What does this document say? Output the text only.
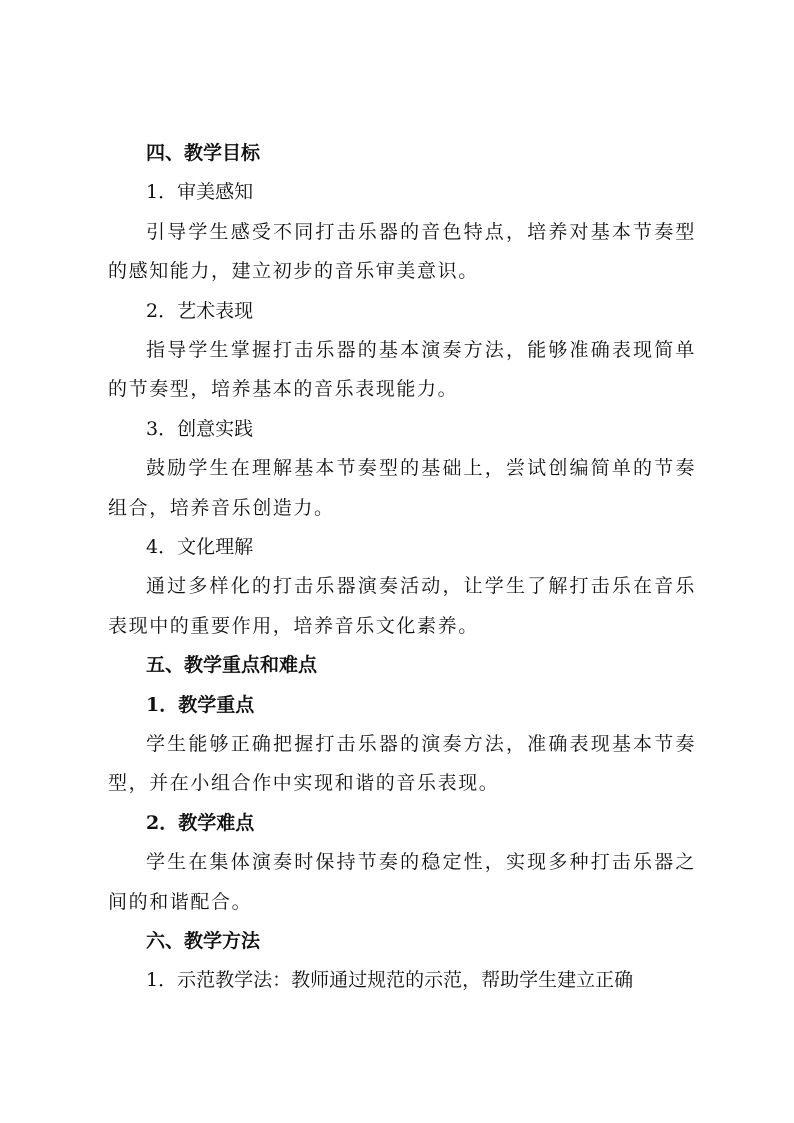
四、教学目标

1．审美感知

引导学生感受不同打击乐器的音色特点，培养对基本节奏型的感知能力，建立初步的音乐审美意识。

2．艺术表现

指导学生掌握打击乐器的基本演奏方法，能够准确表现简单的节奏型，培养基本的音乐表现能力。

3．创意实践

鼓励学生在理解基本节奏型的基础上，尝试创编简单的节奏组合，培养音乐创造力。

4．文化理解

通过多样化的打击乐器演奏活动，让学生了解打击乐在音乐表现中的重要作用，培养音乐文化素养。

五、教学重点和难点

1．教学重点

学生能够正确把握打击乐器的演奏方法，准确表现基本节奏型，并在小组合作中实现和谐的音乐表现。

2．教学难点

学生在集体演奏时保持节奏的稳定性，实现多种打击乐器之间的和谐配合。

六、教学方法

1．示范教学法：教师通过规范的示范，帮助学生建立正确
